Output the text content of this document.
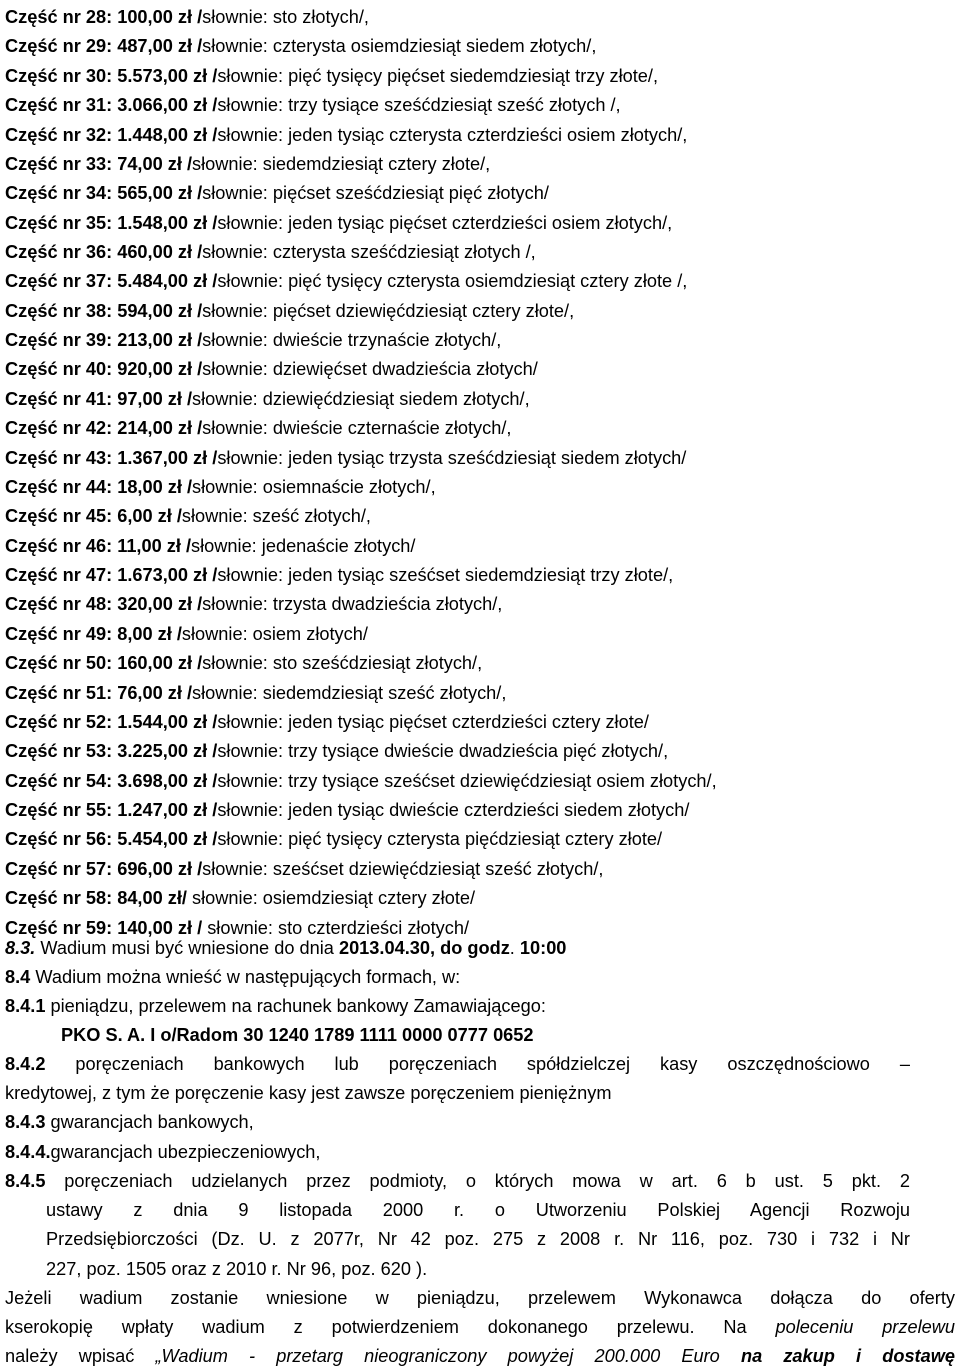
Część nr 28: 100,00 zł /słownie: sto złotych/,
Część nr 29: 487,00 zł /słownie: czterysta osiemdziesiąt siedem złotych/,
Część nr 30: 5.573,00 zł /słownie: pięć tysięcy pięćset siedemdziesiąt trzy złote/,
Część nr 31: 3.066,00 zł /słownie: trzy tysiące sześćdziesiąt sześć złotych /,
Część nr 32: 1.448,00 zł /słownie: jeden tysiąc czterysta czterdzieści osiem złotych/,
Część nr 33: 74,00 zł /słownie: siedemdziesiąt cztery złote/,
Część nr 34: 565,00 zł /słownie: pięćset sześćdziesiąt pięć złotych/
Część nr 35: 1.548,00 zł /słownie: jeden tysiąc pięćset czterdzieści osiem złotych/,
Część nr 36: 460,00 zł /słownie: czterysta sześćdziesiąt złotych /,
Część nr 37: 5.484,00 zł /słownie: pięć tysięcy czterysta osiemdziesiąt cztery złote /,
Część nr 38: 594,00 zł /słownie: pięćset dziewięćdziesiąt cztery złote/,
Część nr 39: 213,00 zł /słownie: dwieście trzynaście złotych/,
Część nr 40: 920,00 zł /słownie: dziewięćset dwadzieścia złotych/
Część nr 41: 97,00 zł /słownie: dziewięćdziesiąt siedem złotych/,
Część nr 42: 214,00 zł /słownie: dwieście czternaście złotych/,
Część nr 43: 1.367,00 zł /słownie: jeden tysiąc trzysta sześćdziesiąt siedem złotych/
Część nr 44: 18,00 zł /słownie: osiemnaście złotych/,
Część nr 45: 6,00 zł /słownie: sześć złotych/,
Część nr 46: 11,00 zł /słownie: jedenaście złotych/
Część nr 47: 1.673,00 zł /słownie: jeden tysiąc sześćset siedemdziesiąt trzy złote/,
Część nr 48: 320,00 zł /słownie: trzysta dwadzieścia złotych/,
Część nr 49: 8,00 zł /słownie: osiem złotych/
Część nr 50: 160,00 zł /słownie: sto sześćdziesiąt złotych/,
Część nr 51: 76,00 zł /słownie: siedemdziesiąt sześć złotych/,
Część nr 52: 1.544,00 zł /słownie: jeden tysiąc pięćset czterdzieści cztery złote/
Część nr 53: 3.225,00 zł /słownie: trzy tysiące dwieście dwadzieścia pięć złotych/,
Część nr 54: 3.698,00 zł /słownie: trzy tysiące sześćset dziewięćdziesiąt osiem złotych/,
Część nr 55: 1.247,00 zł /słownie: jeden tysiąc dwieście czterdzieści siedem złotych/
Część nr 56: 5.454,00 zł /słownie: pięć tysięcy czterysta pięćdziesiąt cztery złote/
Część nr 57: 696,00 zł /słownie: sześćset dziewięćdziesiąt sześć złotych/,
Część nr 58: 84,00 zł/ słownie: osiemdziesiąt cztery złote/
Część nr 59: 140,00 zł / słownie: sto czterdzieści złotych/
8.3. Wadium musi być wniesione do dnia 2013.04.30, do godz. 10:00
8.4 Wadium można wnieść w następujących formach, w:
8.4.1 pieniądzu, przelewem na rachunek bankowy Zamawiającego:
PKO S. A. I o/Radom 30 1240 1789 1111 0000 0777 0652
8.4.2 poręczeniach bankowych lub poręczeniach spółdzielczej kasy oszczędnościowo –
kredytowej, z tym że poręczenie kasy jest zawsze poręczeniem pieniężnym
8.4.3 gwarancjach bankowych,
8.4.4.gwarancjach ubezpieczeniowych,
8.4.5 poręczeniach udzielanych przez podmioty, o których mowa w art. 6 b ust. 5 pkt. 2
ustawy z dnia 9 listopada 2000 r. o Utworzeniu Polskiej Agencji Rozwoju
Przedsiębiorczości (Dz. U. z 2077r, Nr 42 poz. 275 z 2008 r. Nr 116, poz. 730 i 732 i Nr
227, poz. 1505 oraz z 2010 r. Nr 96, poz. 620 ).
Jeżeli wadium zostanie wniesione w pieniądzu, przelewem Wykonawca dołącza do oferty
kserokopię wpłaty wadium z potwierdzeniem dokonanego przelewu. Na poleceniu przelewu
należy wpisać „Wadium - przetarg nieograniczony powyżej 200.000 Euro na zakup i dostawę
